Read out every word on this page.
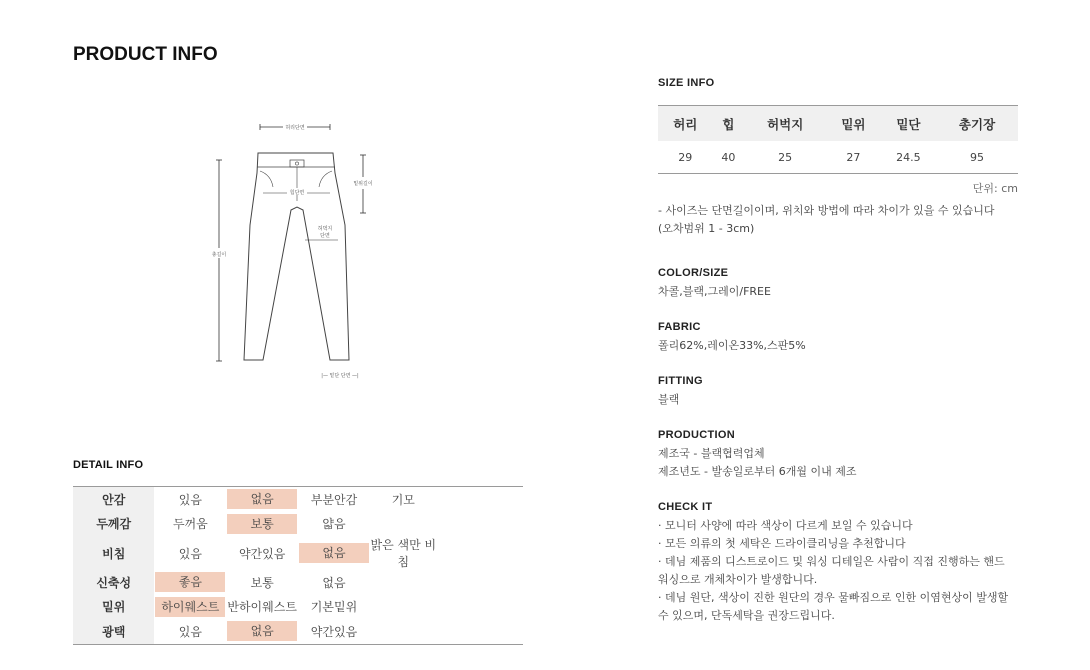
PRODUCT INFO
허리단면
힙단면
허벅지
단면
밑위길이
총길이
|— 밑단 단면 —|
DETAIL INFO
안감	있음	없음	부분안감	기모	
두께감	두꺼움	보통	얇음		
비침	있음	약간있음	없음	밝은 색만 비침	
신축성	좋음	보통	없음		
밑위	하이웨스트	반하이웨스트	기본밑위		
광택	있음	없음	약간있음		
SIZE INFO
허리	힙	허벅지	밑위	밑단	총기장
29	40	25	27	24.5	95
단위: cm
- 사이즈는 단면길이이며, 위치와 방법에 따라 차이가 있을 수 있습니다
(오차범위 1 - 3cm)
COLOR/SIZE
차콜,블랙,그레이/FREE
FABRIC
폴리62%,레이온33%,스판5%
FITTING
블랙
PRODUCTION
제조국 - 블랙협력업체
제조년도 - 발송일로부터 6개월 이내 제조
CHECK IT
· 모니터 사양에 따라 색상이 다르게 보일 수 있습니다
· 모든 의류의 첫 세탁은 드라이클리닝을 추천합니다
· 데님 제품의 디스트로이드 및 워싱 디테일은 사람이 직접 진행하는 핸드
워싱으로 개체차이가 발생합니다.
· 데님 원단, 색상이 진한 원단의 경우 물빠짐으로 인한 이염현상이 발생할
수 있으며, 단독세탁을 권장드립니다.
